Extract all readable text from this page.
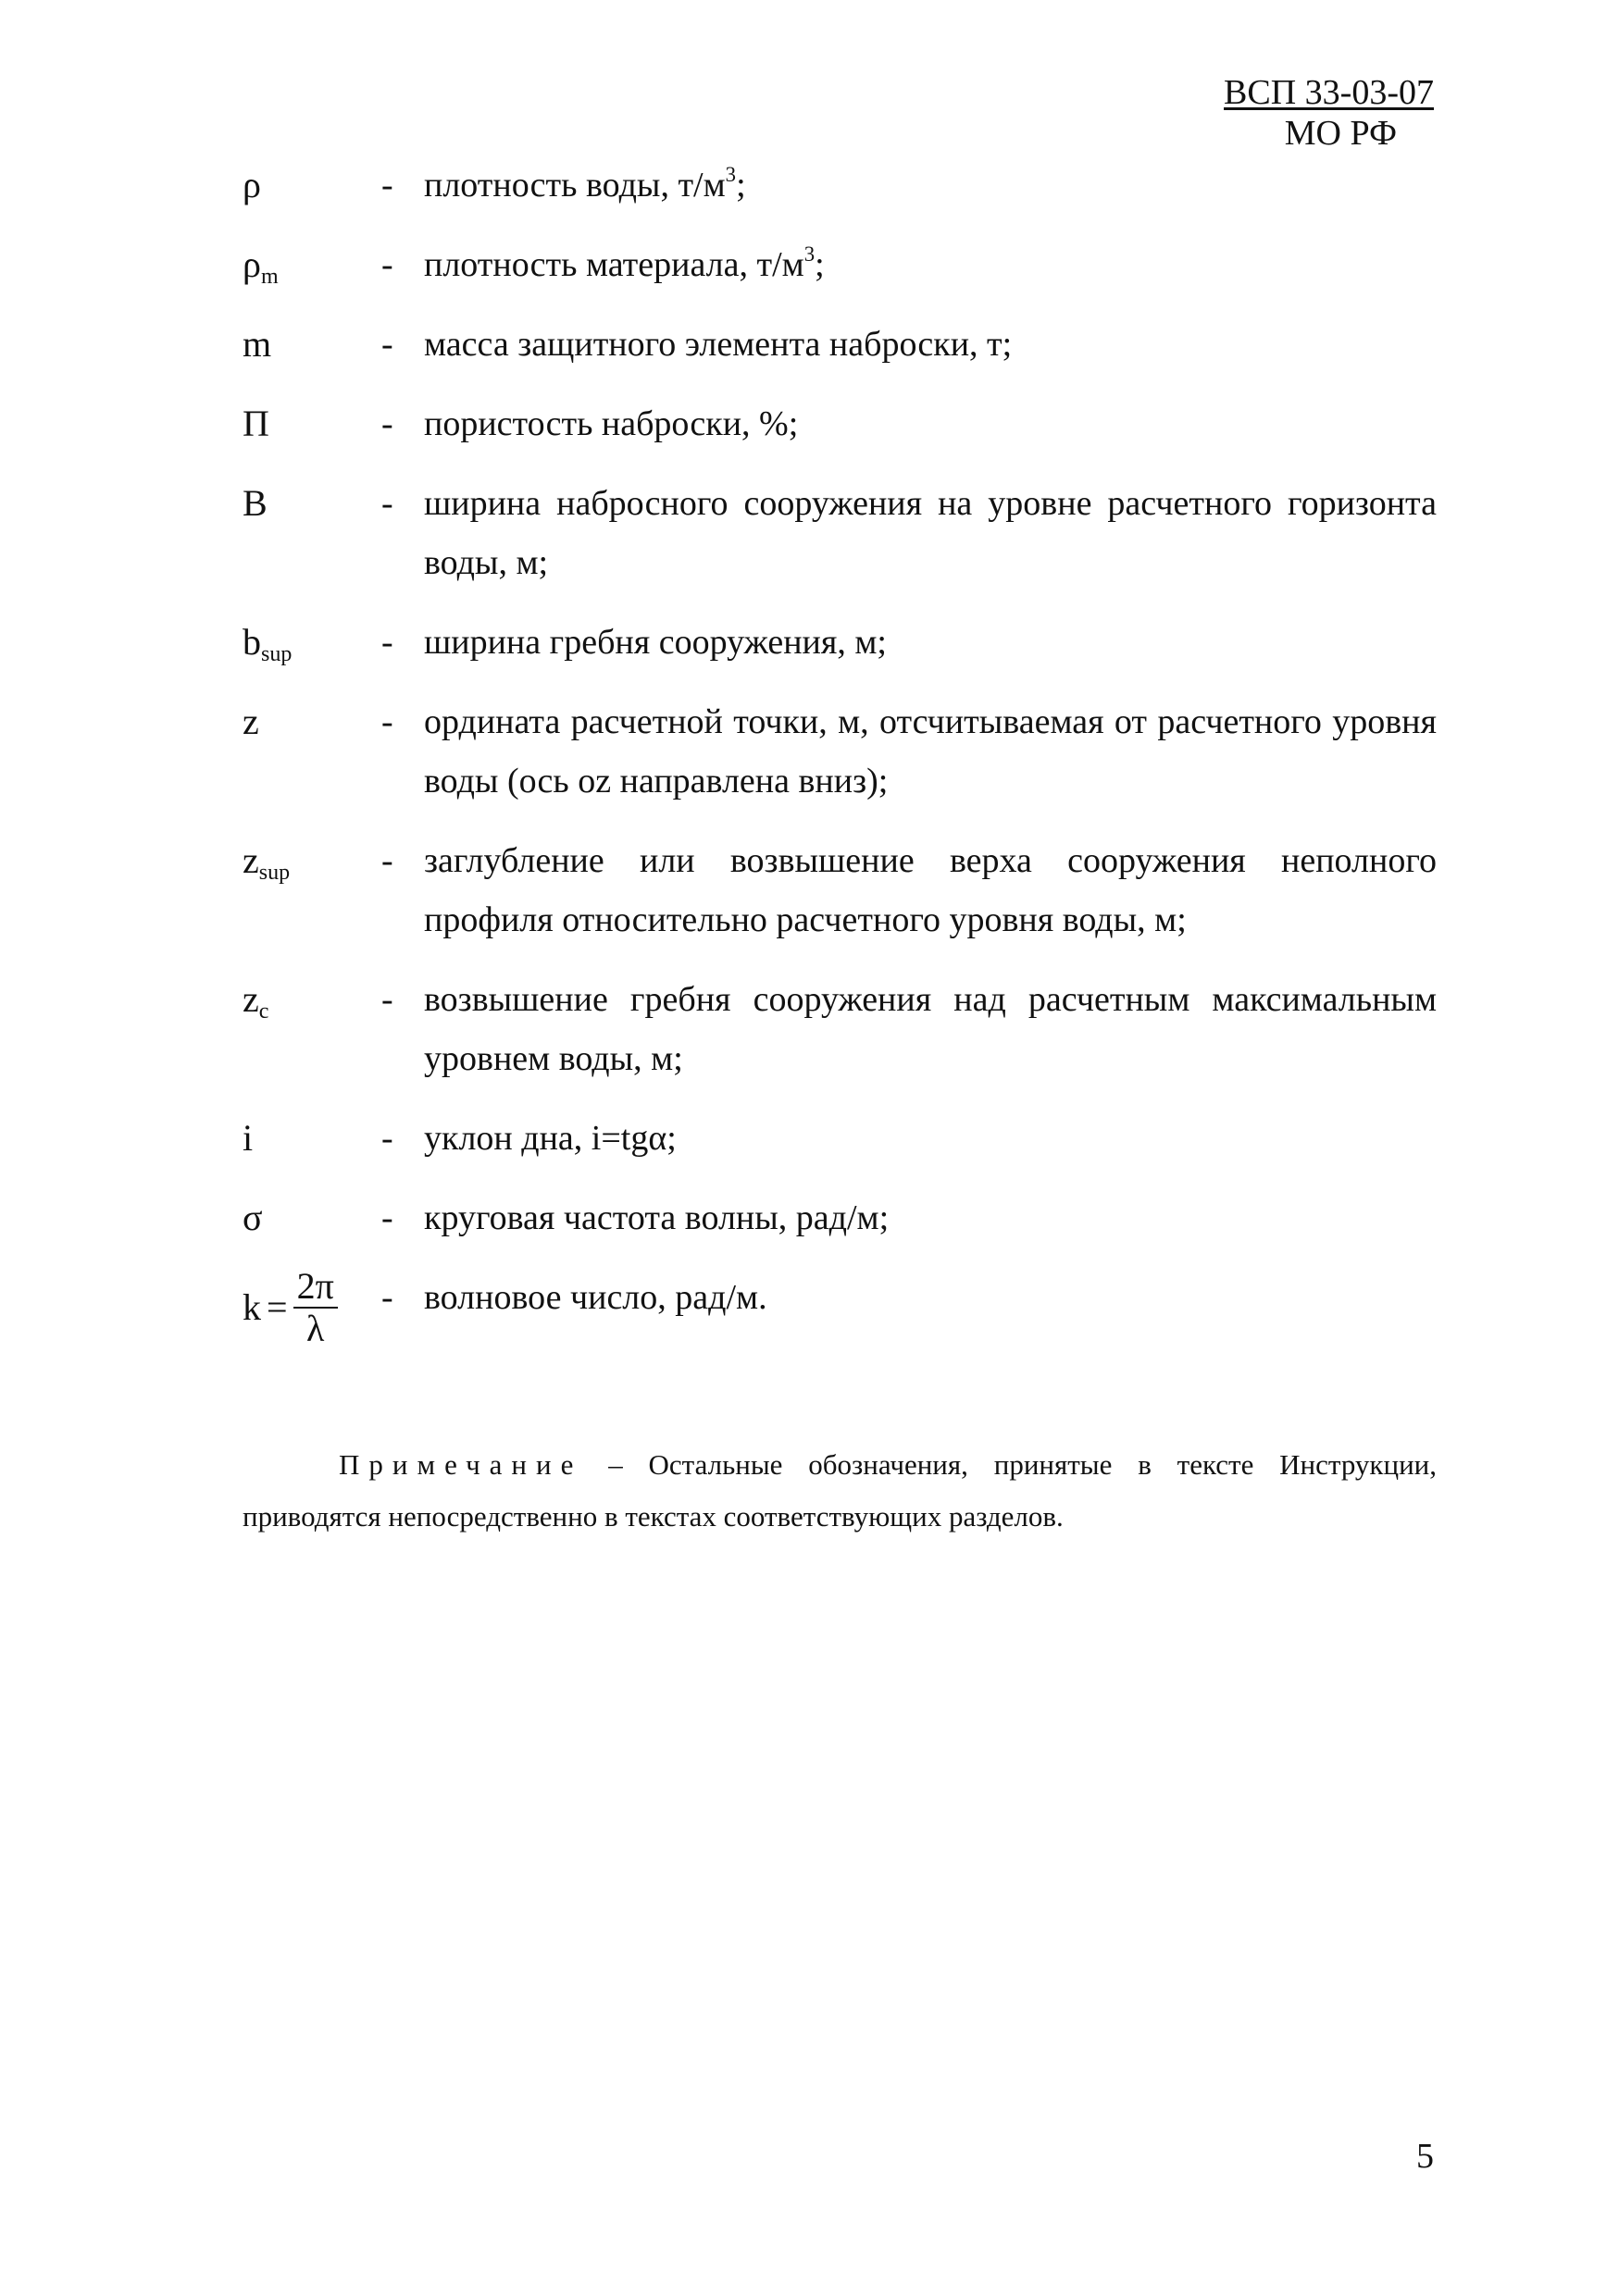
ВСП 33-03-07
МО РФ
ρ	- плотность воды, $т/м^3$;
$\rho_m$	- плотность материала, $т/м^3$;
m	- масса защитного элемента наброски, т;
П	- пористость наброски, %;
B	- ширина набросного сооружения на уровне расчетного горизонта воды, м;
$b_{sup}$	- ширина гребня сооружения, м;
z	- ордината расчетной точки, м, отсчитываемая от расчетного уровня воды (ось oz направлена вниз);
$z_{sup}$	- заглубление или возвышение верха сооружения неполного профиля относительно расчетного уровня воды, м;
$z_c$	- возвышение гребня сооружения над расчетным максимальным уровнем воды, м;
i	- уклон дна, i=tgα;
σ	- круговая частота волны, рад/м;
$k = \frac{2\pi}{\lambda}$ - волновое число, рад/м.
Примечание – Остальные обозначения, принятые в тексте Инструкции, приводятся непосредственно в текстах соответствующих разделов.
5
